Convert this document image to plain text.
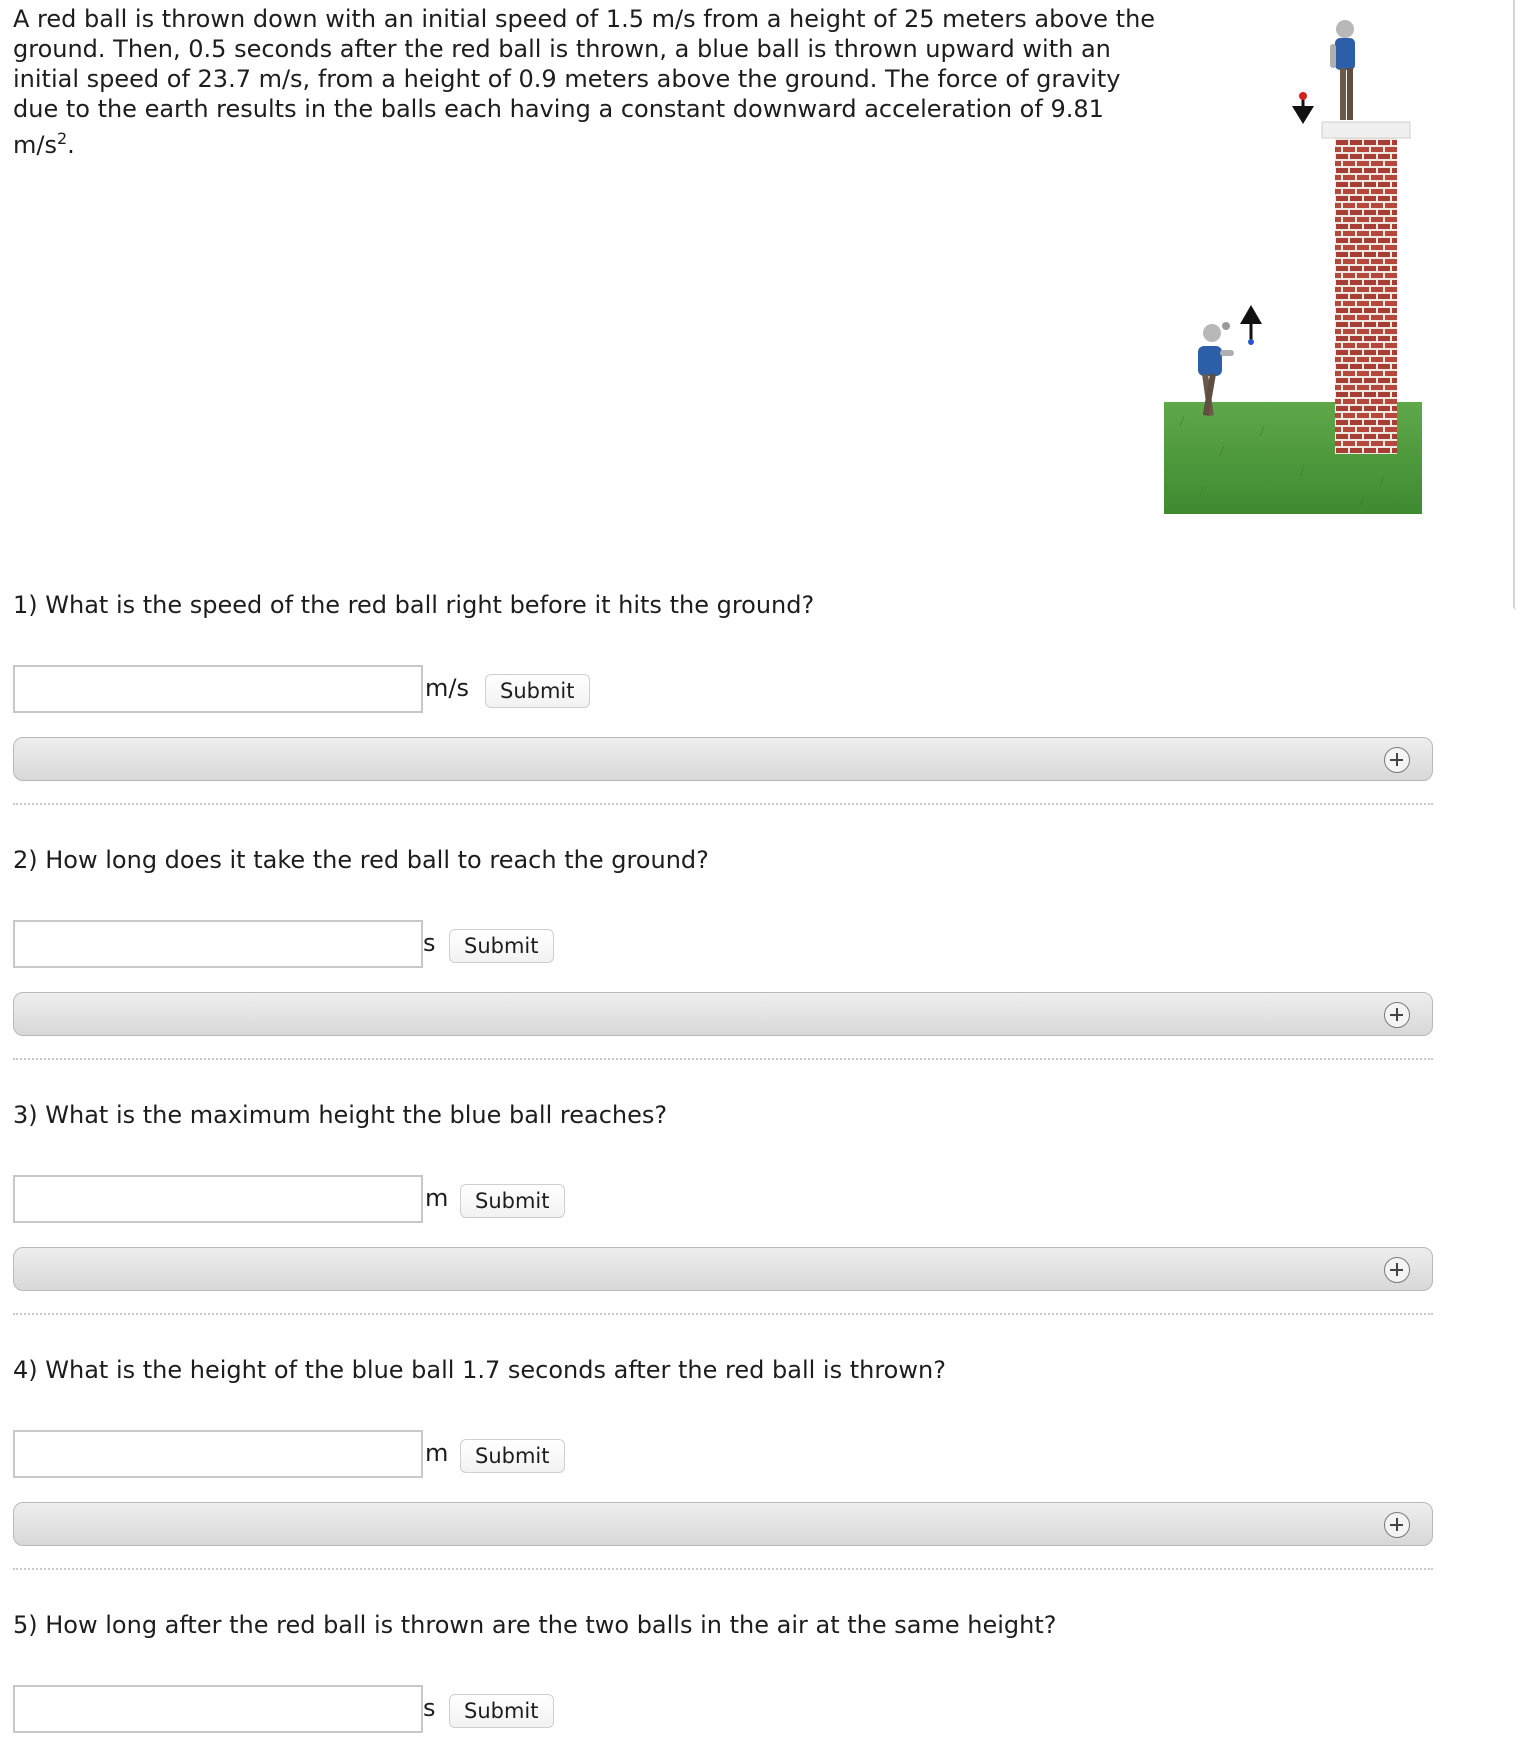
A red ball is thrown down with an initial speed of 1.5 m/s from a height of 25 meters above the ground. Then, 0.5 seconds after the red ball is thrown, a blue ball is thrown upward with an initial speed of 23.7 m/s, from a height of 0.9 meters above the ground. The force of gravity due to the earth results in the balls each having a constant downward acceleration of 9.81 $m/s^2$.

1) What is the speed of the red ball right before it hits the ground?

m/s	Submit

2) How long does it take the red ball to reach the ground?

s	Submit

3) What is the maximum height the blue ball reaches?

m	Submit

4) What is the height of the blue ball 1.7 seconds after the red ball is thrown?

m	Submit

5) How long after the red ball is thrown are the two balls in the air at the same height?

s	Submit
